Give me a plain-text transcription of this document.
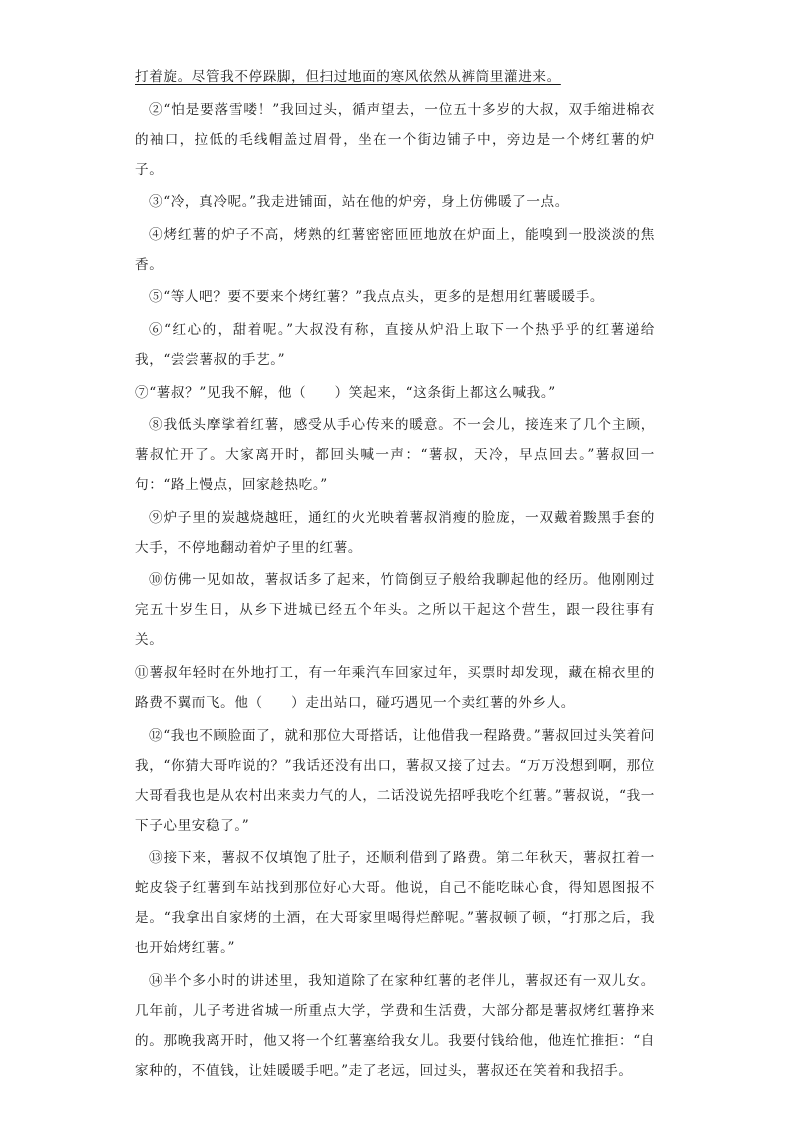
打着旋。尽管我不停跺脚，但扫过地面的寒风依然从裤筒里灌进来。

②“怕是要落雪喽！”我回过头，循声望去，一位五十多岁的大叔，双手缩进棉衣的袖口，拉低的毛线帽盖过眉骨，坐在一个街边铺子中，旁边是一个烤红薯的炉子。

③“冷，真冷呢。”我走进铺面，站在他的炉旁，身上仿佛暖了一点。

④烤红薯的炉子不高，烤熟的红薯密密匝匝地放在炉面上，能嗅到一股淡淡的焦香。

⑤“等人吧？要不要来个烤红薯？”我点点头，更多的是想用红薯暖暖手。

⑥“红心的，甜着呢。”大叔没有称，直接从炉沿上取下一个热乎乎的红薯递给我，“尝尝薯叔的手艺。”

⑦“薯叔？”见我不解，他（　　）笑起来，“这条街上都这么喊我。”

⑧我低头摩挲着红薯，感受从手心传来的暖意。不一会儿，接连来了几个主顾，薯叔忙开了。大家离开时，都回头喊一声：“薯叔，天冷，早点回去。”薯叔回一句：“路上慢点，回家趁热吃。”

⑨炉子里的炭越烧越旺，通红的火光映着薯叔消瘦的脸庞，一双戴着黢黑手套的大手，不停地翻动着炉子里的红薯。

⑩仿佛一见如故，薯叔话多了起来，竹筒倒豆子般给我聊起他的经历。他刚刚过完五十岁生日，从乡下进城已经五个年头。之所以干起这个营生，跟一段往事有关。

⑪薯叔年轻时在外地打工，有一年乘汽车回家过年，买票时却发现，藏在棉衣里的路费不翼而飞。他（　　）走出站口，碰巧遇见一个卖红薯的外乡人。

⑫“我也不顾脸面了，就和那位大哥搭话，让他借我一程路费。”薯叔回过头笑着问我，“你猜大哥咋说的？”我话还没有出口，薯叔又接了过去。“万万没想到啊，那位大哥看我也是从农村出来卖力气的人，二话没说先招呼我吃个红薯。”薯叔说，“我一下子心里安稳了。”

⑬接下来，薯叔不仅填饱了肚子，还顺利借到了路费。第二年秋天，薯叔扛着一蛇皮袋子红薯到车站找到那位好心大哥。他说，自己不能吃昧心食，得知恩图报不是。“我拿出自家烤的土酒，在大哥家里喝得烂醉呢。”薯叔顿了顿，“打那之后，我也开始烤红薯。”

⑭半个多小时的讲述里，我知道除了在家种红薯的老伴儿，薯叔还有一双儿女。几年前，儿子考进省城一所重点大学，学费和生活费，大部分都是薯叔烤红薯挣来的。那晚我离开时，他又将一个红薯塞给我女儿。我要付钱给他，他连忙推拒：“自家种的，不值钱，让娃暖暖手吧。”走了老远，回过头，薯叔还在笑着和我招手。
